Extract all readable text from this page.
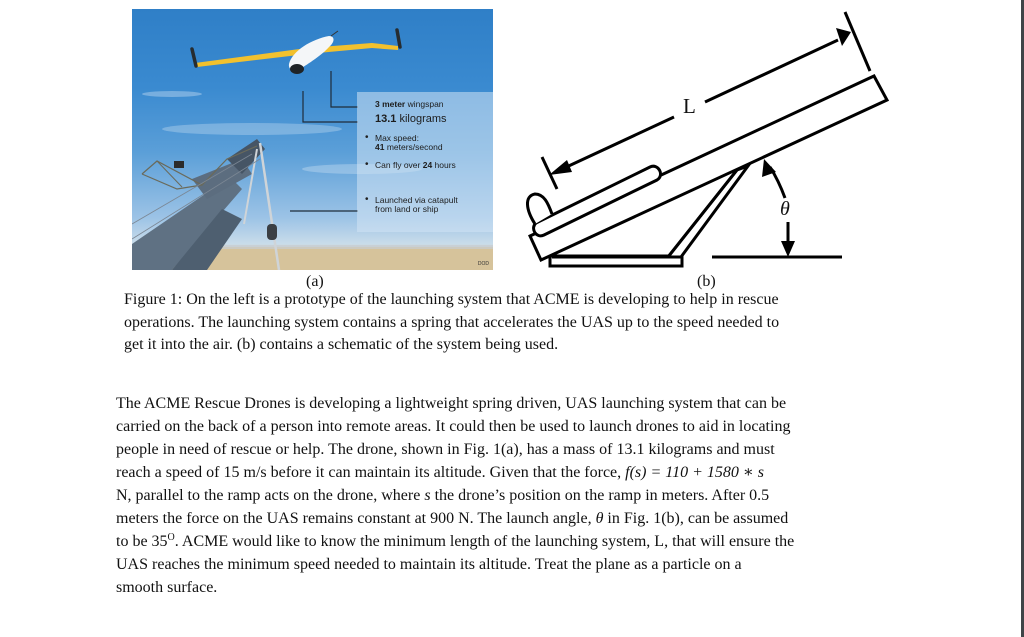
3 meter wingspan
13.1 kilograms
• Max speed:
41 meters/second
• Can fly over 24 hours
• Launched via catapult
from land or ship
DOD
(a)
L
θ
(b)
Figure 1: On the left is a prototype of the launching system that ACME is developing to help in rescue
operations. The launching system contains a spring that accelerates the UAS up to the speed needed to
get it into the air. (b) contains a schematic of the system being used.
The ACME Rescue Drones is developing a lightweight spring driven, UAS launching system that can be
carried on the back of a person into remote areas. It could then be used to launch drones to aid in locating
people in need of rescue or help. The drone, shown in Fig. 1(a), has a mass of 13.1 kilograms and must
reach a speed of 15 m/s before it can maintain its altitude. Given that the force, f(s) = 110 + 1580 ∗ s
N, parallel to the ramp acts on the drone, where s the drone’s position on the ramp in meters. After 0.5
meters the force on the UAS remains constant at 900 N. The launch angle, θ in Fig. 1(b), can be assumed
to be $35^O$. ACME would like to know the minimum length of the launching system, L, that will ensure the
UAS reaches the minimum speed needed to maintain its altitude. Treat the plane as a particle on a
smooth surface.
